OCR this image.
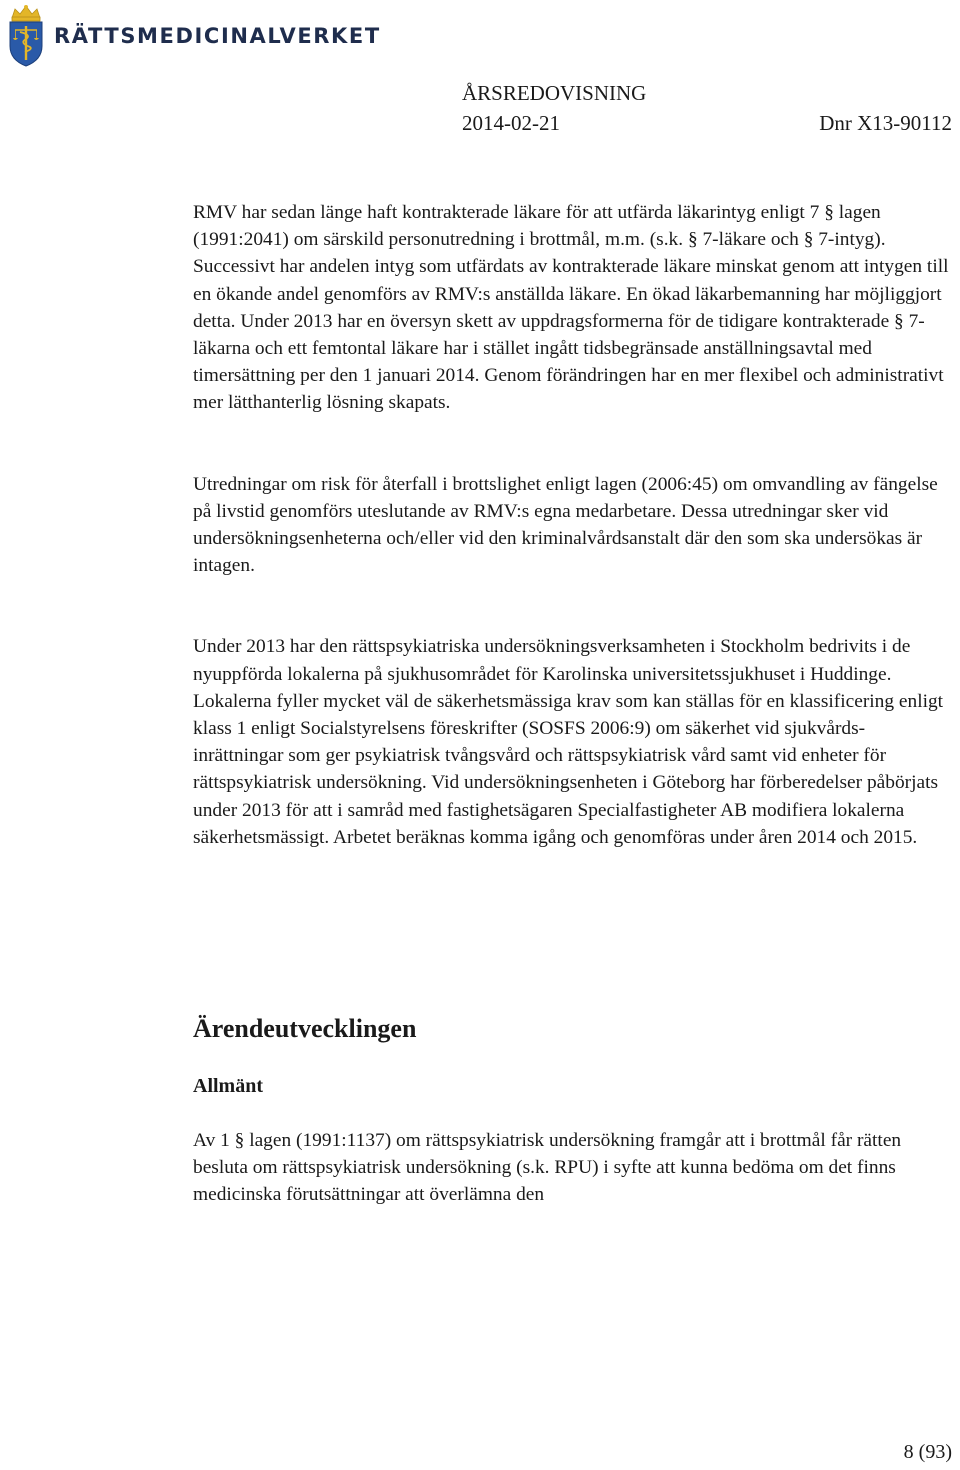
RÄTTSMEDICINALVERKET
ÅRSREDOVISNING
2014-02-21	Dnr X13-90112

RMV har sedan länge haft kontrakterade läkare för att utfärda läkarintyg enligt 7 § lagen (1991:2041) om särskild personutredning i brottmål, m.m. (s.k. § 7-läkare och § 7-intyg). Successivt har andelen intyg som utfärdats av kontrakterade läkare minskat genom att intygen till en ökande andel genomförs av RMV:s anställda läkare. En ökad läkarbemanning har möjliggjort detta. Under 2013 har en översyn skett av uppdragsformerna för de tidigare kontrakterade § 7-läkarna och ett femtontal läkare har i stället ingått tidsbegränsade anställningsavtal med timersättning per den 1 januari 2014. Genom förändringen har en mer flexibel och administrativt mer lätthanterlig lösning skapats.

Utredningar om risk för återfall i brottslighet enligt lagen (2006:45) om omvandling av fängelse på livstid genomförs uteslutande av RMV:s egna medarbetare. Dessa utredningar sker vid undersökningsenheterna och/eller vid den kriminalvårdsanstalt där den som ska undersökas är intagen.

Under 2013 har den rättspsykiatriska undersökningsverksamheten i Stockholm bedrivits i de nyuppförda lokalerna på sjukhusområdet för Karolinska universitetssjukhuset i Huddinge. Lokalerna fyller mycket väl de säkerhetsmässiga krav som kan ställas för en klassificering enligt klass 1 enligt Socialstyrelsens föreskrifter (SOSFS 2006:9) om säkerhet vid sjukvårds-inrättningar som ger psykiatrisk tvångsvård och rättspsykiatrisk vård samt vid enheter för rättspsykiatrisk undersökning. Vid undersökningsenheten i Göteborg har förberedelser påbörjats under 2013 för att i samråd med fastighetsägaren Specialfastigheter AB modifiera lokalerna säkerhetsmässigt. Arbetet beräknas komma igång och genomföras under åren 2014 och 2015.

Ärendeutvecklingen
Allmänt

Av 1 § lagen (1991:1137) om rättspsykiatrisk undersökning framgår att i brottmål får rätten besluta om rättspsykiatrisk undersökning (s.k. RPU) i syfte att kunna bedöma om det finns medicinska förutsättningar att överlämna den

8 (93)
